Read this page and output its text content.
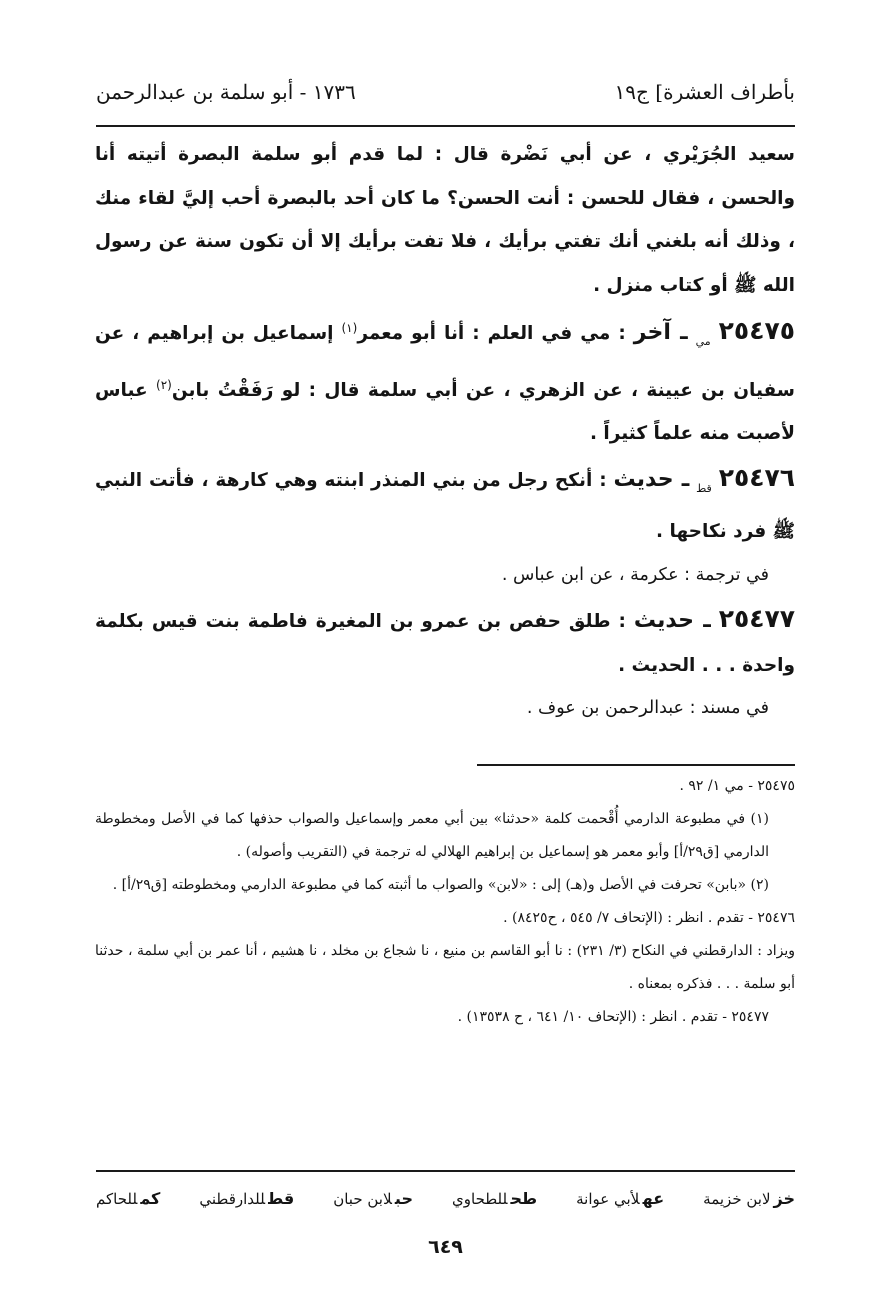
بأطراف العشرة] ج١٩
١٧٣٦ - أبو سلمة بن عبدالرحمن

سعيد الجُرَيْري ، عن أبي نَضْرة قال : لما قدم أبو سلمة البصرة أتيته أنا والحسن ، فقال للحسن : أنت الحسن؟ ما كان أحد بالبصرة أحب إليَّ لقاء منك ، وذلك أنه بلغني أنك تفتي برأيك ، فلا تفت برأيك إلا أن تكون سنة عن رسول الله ﷺ أو كتاب منزل .

٢٥٤٧٥ $_{مي}$ ـ آخر : مي في العلم : أنا أبو معمر$^{(١)}$ إسماعيل بن إبراهيم ، عن سفيان بن عيينة ، عن الزهري ، عن أبي سلمة قال : لو رَفَقْتُ بابن$^{(٢)}$ عباس لأصبت منه علماً كثيراً .

٢٥٤٧٦ $_{قط}$ ـ حديث : أنكح رجل من بني المنذر ابنته وهي كارهة ، فأتت النبي ﷺ فرد نكاحها .

في ترجمة : عكرمة ، عن ابن عباس .

٢٥٤٧٧ ـ حديث : طلق حفص بن عمرو بن المغيرة فاطمة بنت قيس بكلمة واحدة . . . الحديث .

في مسند : عبدالرحمن بن عوف .

٢٥٤٧٥ - مي ١/ ٩٢ .

(١) في مطبوعة الدارمي أُقْحمت كلمة «حدثنا» بين أبي معمر وإسماعيل والصواب حذفها كما في الأصل ومخطوطة الدارمي [ق٢٩/أ] وأبو معمر هو إسماعيل بن إبراهيم الهلالي له ترجمة في (التقريب وأصوله) .

(٢) «بابن» تحرفت في الأصل و(هـ) إلى : «لابن» والصواب ما أثبته كما في مطبوعة الدارمي ومخطوطته [ق٢٩/أ] .

٢٥٤٧٦ - تقدم . انظر : (الإتحاف ٧/ ٥٤٥ ، ح٨٤٢٥) .

ويزاد : الدارقطني في النكاح (٣/ ٢٣١) : نا أبو القاسم بن منيع ، نا شجاع بن مخلد ، نا هشيم ، أنا عمر بن أبي سلمة ، حدثنا أبو سلمة . . . فذكره بمعناه .

٢٥٤٧٧ - تقدم . انظر : (الإتحاف ١٠/ ٦٤١ ، ح ١٣٥٣٨) .

خزلابن خزيمة
عهلأبي عوانة
طحللطحاوي
حبلابن حبان
قطللدارقطني
كمللحاكم
٦٤٩
